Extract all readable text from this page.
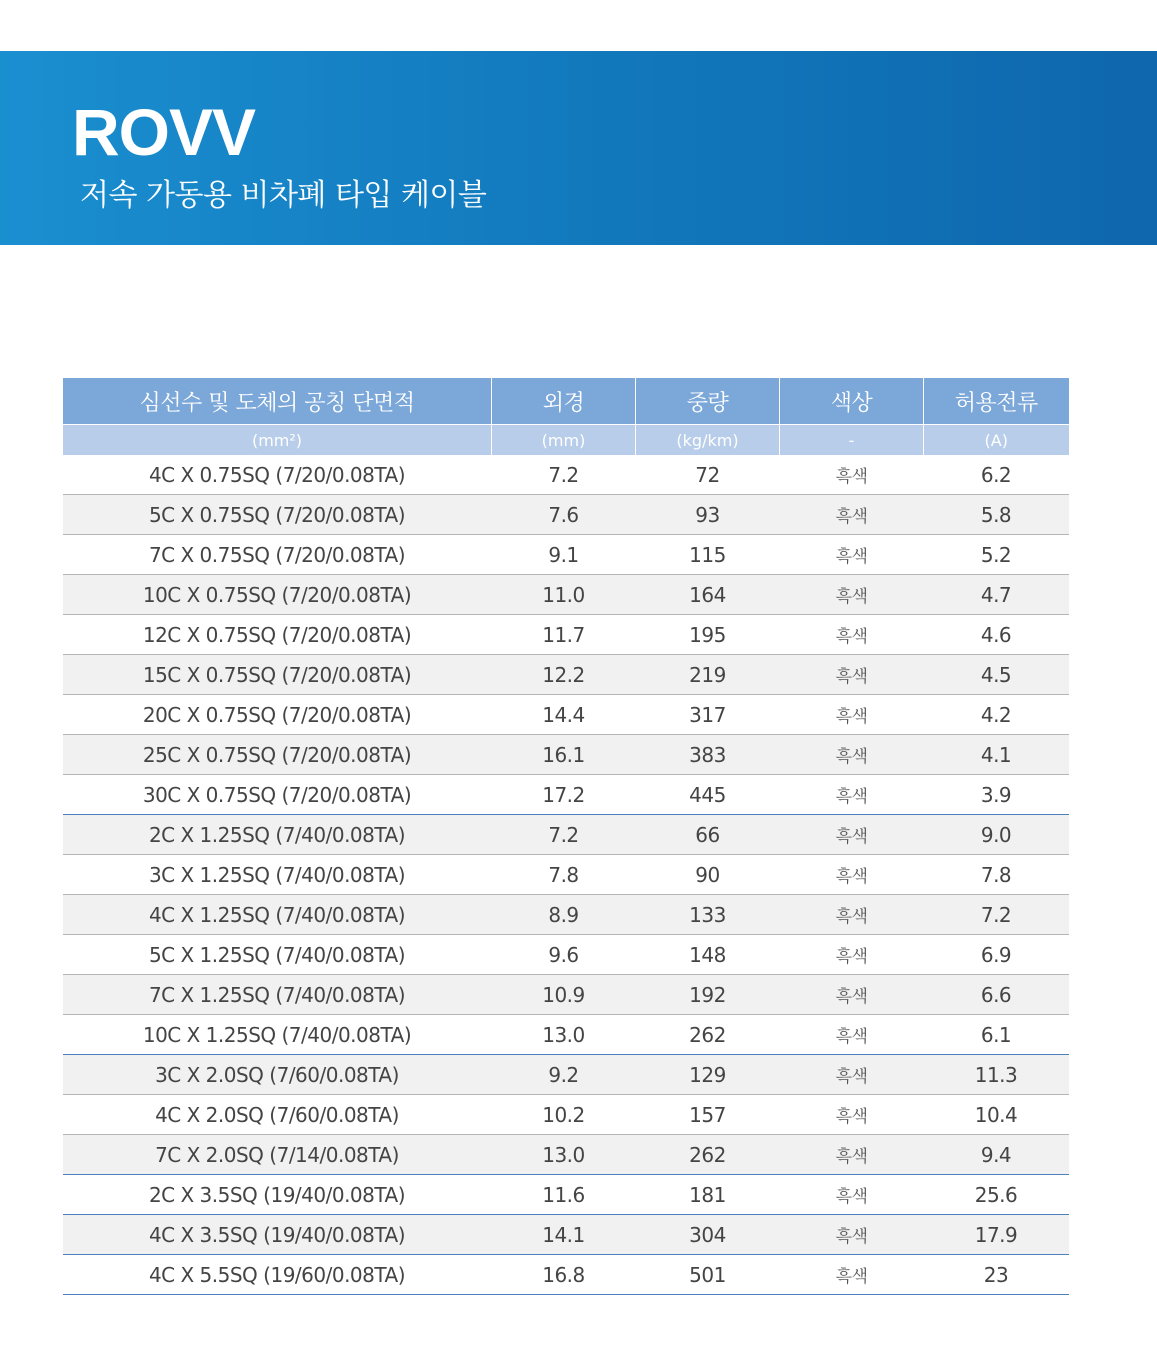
ROVV
저속 가동용 비차폐 타입 케이블
심선수 및 도체의 공칭 단면적	외경	중량	색상	허용전류
(mm²)	(mm)	(kg/km)	-	(A)
4C X 0.75SQ (7/20/0.08TA)	7.2	72	흑색	6.2
5C X 0.75SQ (7/20/0.08TA)	7.6	93	흑색	5.8
7C X 0.75SQ (7/20/0.08TA)	9.1	115	흑색	5.2
10C X 0.75SQ (7/20/0.08TA)	11.0	164	흑색	4.7
12C X 0.75SQ (7/20/0.08TA)	11.7	195	흑색	4.6
15C X 0.75SQ (7/20/0.08TA)	12.2	219	흑색	4.5
20C X 0.75SQ (7/20/0.08TA)	14.4	317	흑색	4.2
25C X 0.75SQ (7/20/0.08TA)	16.1	383	흑색	4.1
30C X 0.75SQ (7/20/0.08TA)	17.2	445	흑색	3.9
2C X 1.25SQ (7/40/0.08TA)	7.2	66	흑색	9.0
3C X 1.25SQ (7/40/0.08TA)	7.8	90	흑색	7.8
4C X 1.25SQ (7/40/0.08TA)	8.9	133	흑색	7.2
5C X 1.25SQ (7/40/0.08TA)	9.6	148	흑색	6.9
7C X 1.25SQ (7/40/0.08TA)	10.9	192	흑색	6.6
10C X 1.25SQ (7/40/0.08TA)	13.0	262	흑색	6.1
3C X 2.0SQ (7/60/0.08TA)	9.2	129	흑색	11.3
4C X 2.0SQ (7/60/0.08TA)	10.2	157	흑색	10.4
7C X 2.0SQ (7/14/0.08TA)	13.0	262	흑색	9.4
2C X 3.5SQ (19/40/0.08TA)	11.6	181	흑색	25.6
4C X 3.5SQ (19/40/0.08TA)	14.1	304	흑색	17.9
4C X 5.5SQ (19/60/0.08TA)	16.8	501	흑색	23
